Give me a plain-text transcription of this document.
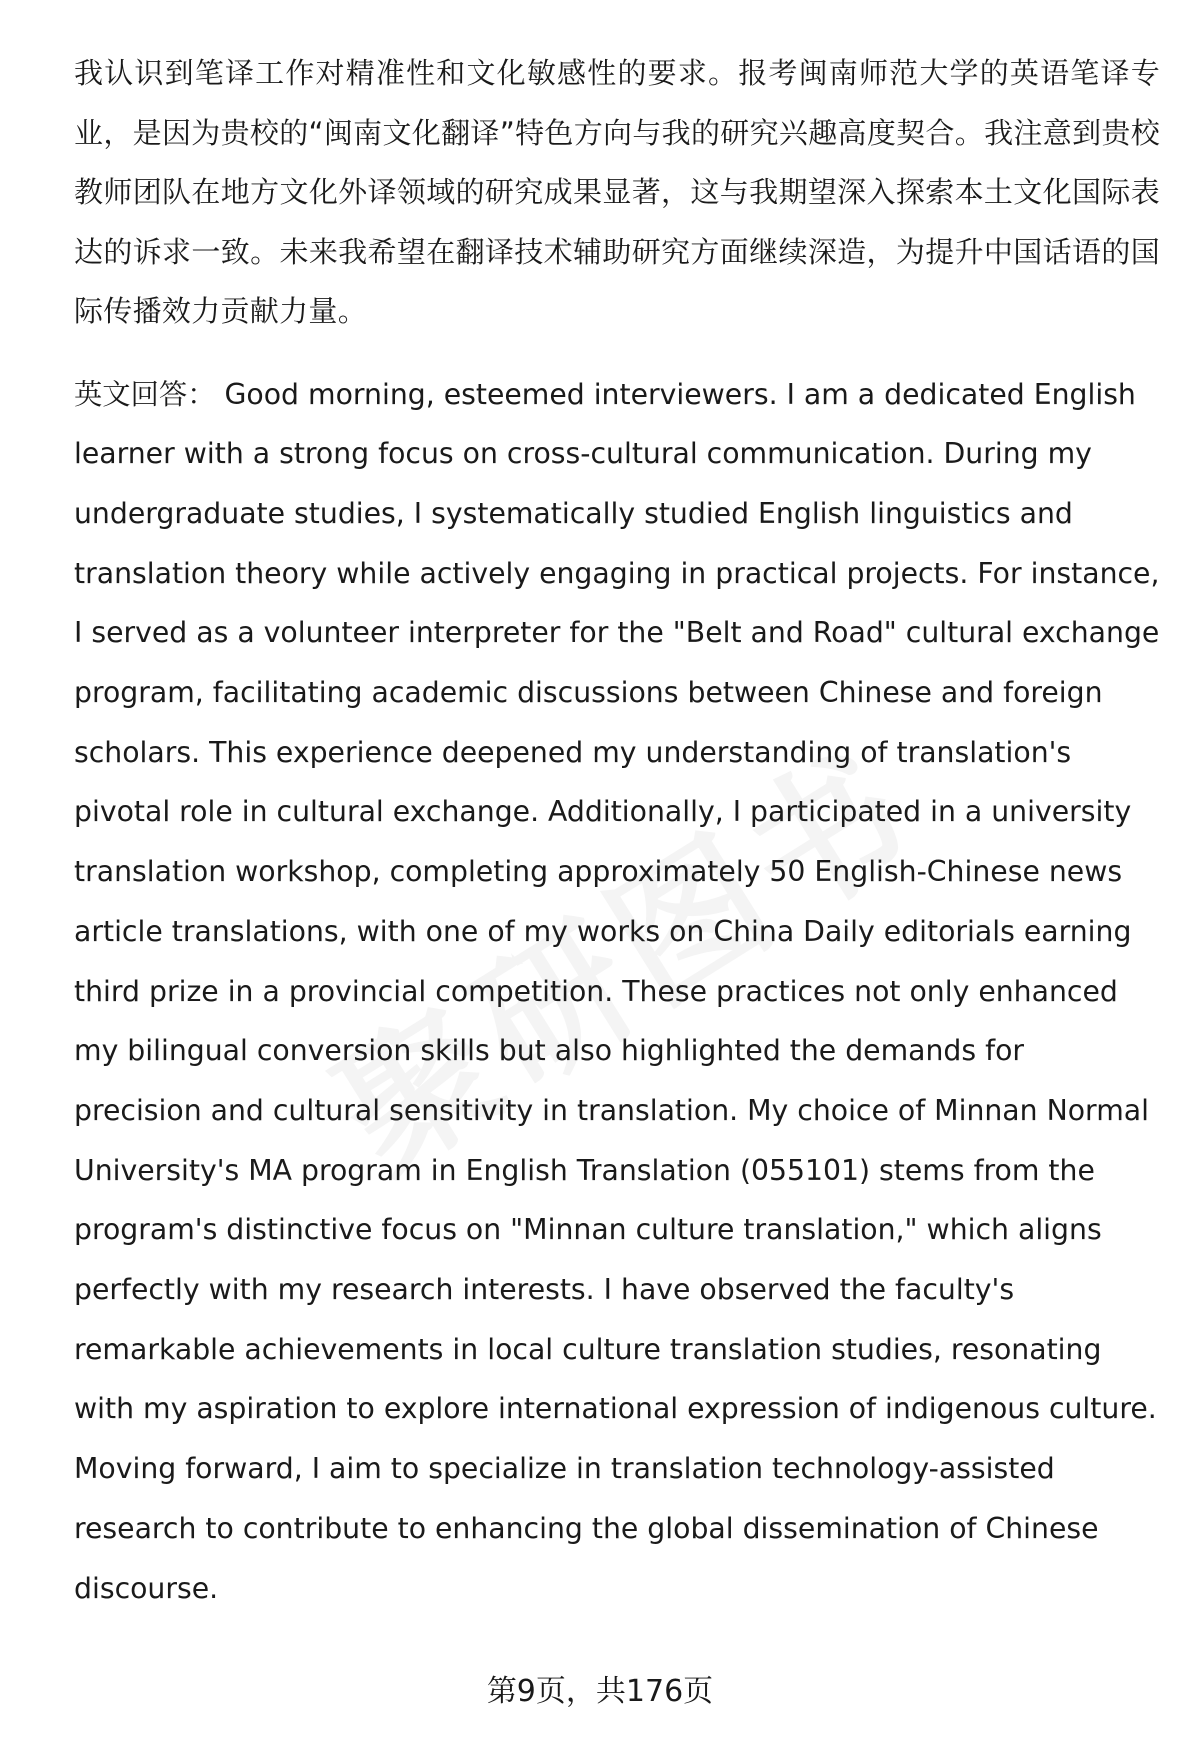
我认识到笔译工作对精准性和文化敏感性的要求。报考闽南师范大学的英语笔译专业，是因为贵校的“闽南文化翻译”特色方向与我的研究兴趣高度契合。我注意到贵校教师团队在地方文化外译领域的研究成果显著，这与我期望深入探索本土文化国际表达的诉求一致。未来我希望在翻译技术辅助研究方面继续深造，为提升中国话语的国际传播效力贡献力量。

英文回答： Good morning, esteemed interviewers. I am a dedicated English learner with a strong focus on cross-cultural communication. During my undergraduate studies, I systematically studied English linguistics and translation theory while actively engaging in practical projects. For instance, I served as a volunteer interpreter for the "Belt and Road" cultural exchange program, facilitating academic discussions between Chinese and foreign scholars. This experience deepened my understanding of translation's pivotal role in cultural exchange. Additionally, I participated in a university translation workshop, completing approximately 50 English-Chinese news article translations, with one of my works on China Daily editorials earning third prize in a provincial competition. These practices not only enhanced my bilingual conversion skills but also highlighted the demands for precision and cultural sensitivity in translation. My choice of Minnan Normal University's MA program in English Translation (055101) stems from the program's distinctive focus on "Minnan culture translation," which aligns perfectly with my research interests. I have observed the faculty's remarkable achievements in local culture translation studies, resonating with my aspiration to explore international expression of indigenous culture. Moving forward, I aim to specialize in translation technology-assisted research to contribute to enhancing the global dissemination of Chinese discourse.

第9页，共176页
